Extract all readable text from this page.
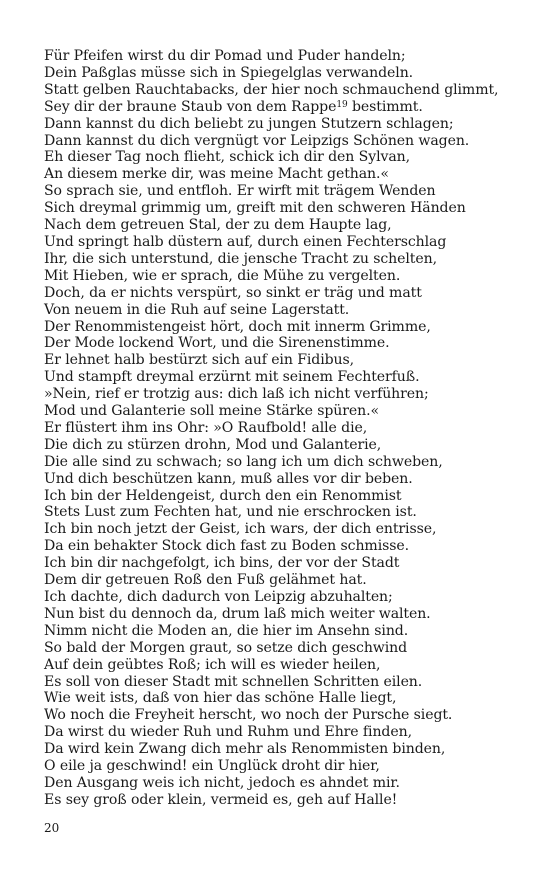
Für Pfeifen wirst du dir Pomad und Puder handeln;
Dein Paßglas müsse sich in Spiegelglas verwandeln.
Statt gelben Rauchtabacks, der hier noch schmauchend glimmt,
Sey dir der braune Staub von dem Rappe$^{19}$ bestimmt.
Dann kannst du dich beliebt zu jungen Stutzern schlagen;
Dann kannst du dich vergnügt vor Leipzigs Schönen wagen.
Eh dieser Tag noch flieht, schick ich dir den Sylvan,
An diesem merke dir, was meine Macht gethan.«
So sprach sie, und entfloh. Er wirft mit trägem Wenden
Sich dreymal grimmig um, greift mit den schweren Händen
Nach dem getreuen Stal, der zu dem Haupte lag,
Und springt halb düstern auf, durch einen Fechterschlag
Ihr, die sich unterstund, die jensche Tracht zu schelten,
Mit Hieben, wie er sprach, die Mühe zu vergelten.
Doch, da er nichts verspürt, so sinkt er träg und matt
Von neuem in die Ruh auf seine Lagerstatt.
Der Renommistengeist hört, doch mit innerm Grimme,
Der Mode lockend Wort, und die Sirenenstimme.
Er lehnet halb bestürzt sich auf ein Fidibus,
Und stampft dreymal erzürnt mit seinem Fechterfuß.
»Nein, rief er trotzig aus: dich laß ich nicht verführen;
Mod und Galanterie soll meine Stärke spüren.«
Er flüstert ihm ins Ohr: »O Raufbold! alle die,
Die dich zu stürzen drohn, Mod und Galanterie,
Die alle sind zu schwach; so lang ich um dich schweben,
Und dich beschützen kann, muß alles vor dir beben.
Ich bin der Heldengeist, durch den ein Renommist
Stets Lust zum Fechten hat, und nie erschrocken ist.
Ich bin noch jetzt der Geist, ich wars, der dich entrisse,
Da ein behakter Stock dich fast zu Boden schmisse.
Ich bin dir nachgefolgt, ich bins, der vor der Stadt
Dem dir getreuen Roß den Fuß gelähmet hat.
Ich dachte, dich dadurch von Leipzig abzuhalten;
Nun bist du dennoch da, drum laß mich weiter walten.
Nimm nicht die Moden an, die hier im Ansehn sind.
So bald der Morgen graut, so setze dich geschwind
Auf dein geübtes Roß; ich will es wieder heilen,
Es soll von dieser Stadt mit schnellen Schritten eilen.
Wie weit ists, daß von hier das schöne Halle liegt,
Wo noch die Freyheit herscht, wo noch der Pursche siegt.
Da wirst du wieder Ruh und Ruhm und Ehre finden,
Da wird kein Zwang dich mehr als Renommisten binden,
O eile ja geschwind! ein Unglück droht dir hier,
Den Ausgang weis ich nicht, jedoch es ahndet mir.
Es sey groß oder klein, vermeid es, geh auf Halle!
20
